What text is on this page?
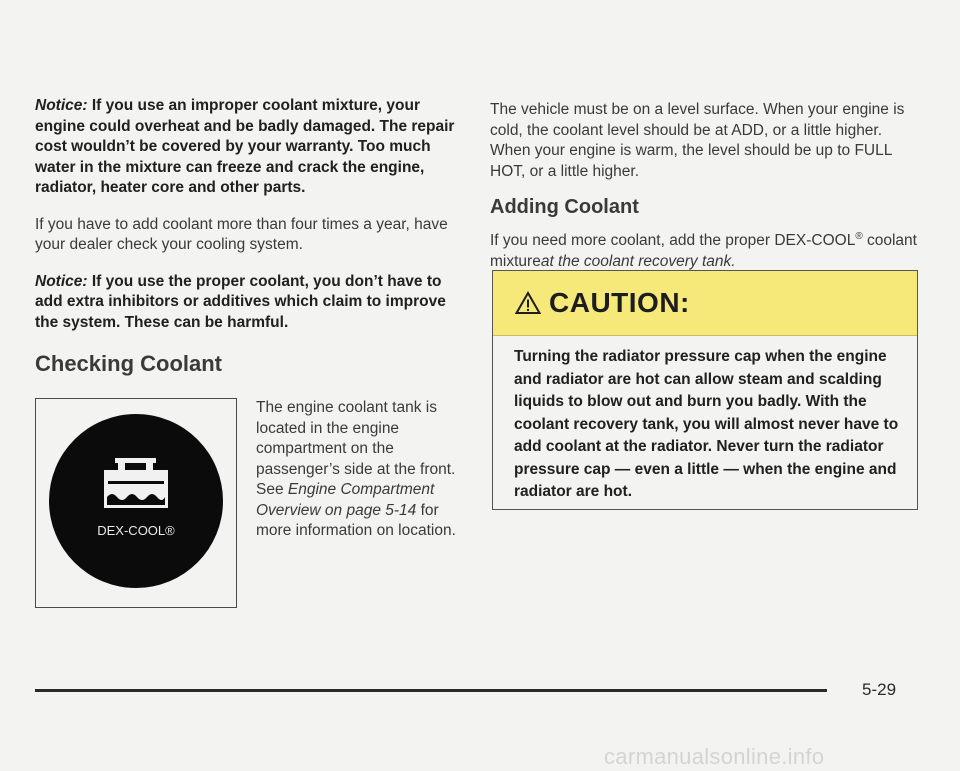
Notice: If you use an improper coolant mixture, your engine could overheat and be badly damaged. The repair cost wouldn’t be covered by your warranty. Too much water in the mixture can freeze and crack the engine, radiator, heater core and other parts.

If you have to add coolant more than four times a year, have your dealer check your cooling system.

Notice: If you use the proper coolant, you don’t have to add extra inhibitors or additives which claim to improve the system. These can be harmful.

Checking Coolant
DEX-COOL®
The engine coolant tank is located in the engine compartment on the passenger’s side at the front. See Engine Compartment Overview on page 5-14 for more information on location.

The vehicle must be on a level surface. When your engine is cold, the coolant level should be at ADD, or a little higher. When your engine is warm, the level should be up to FULL HOT, or a little higher.

Adding Coolant

If you need more coolant, add the proper DEX-COOL® coolant mixtureat the coolant recovery tank.

CAUTION:

Turning the radiator pressure cap when the engine and radiator are hot can allow steam and scalding liquids to blow out and burn you badly. With the coolant recovery tank, you will almost never have to add coolant at the radiator. Never turn the radiator pressure cap — even a little — when the engine and radiator are hot.

5-29
carmanualsonline.info
